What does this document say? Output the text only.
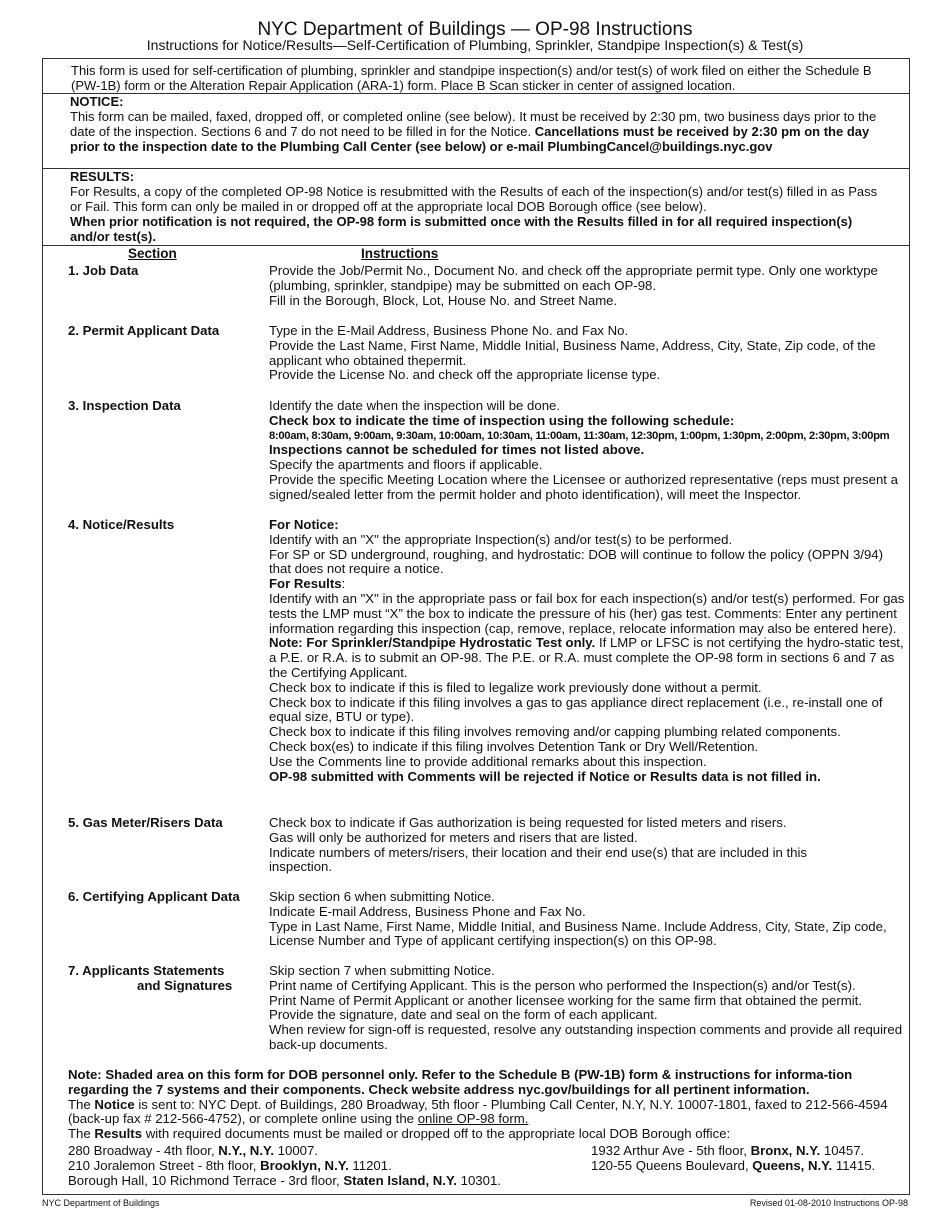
NYC Department of Buildings — OP-98 Instructions
Instructions for Notice/Results—Self-Certification of Plumbing, Sprinkler, Standpipe Inspection(s) & Test(s)
This form is used for self-certification of plumbing, sprinkler and standpipe inspection(s) and/or test(s) of work filed on either the Schedule B (PW-1B) form or the Alteration Repair Application (ARA-1) form. Place B Scan sticker in center of assigned location.

NOTICE:

This form can be mailed, faxed, dropped off, or completed online (see below). It must be received by 2:30 pm, two business days prior to the date of the inspection. Sections 6 and 7 do not need to be filled in for the Notice. Cancellations must be received by 2:30 pm on the day prior to the inspection date to the Plumbing Call Center (see below) or e-mail PlumbingCancel@buildings.nyc.gov

RESULTS:

For Results, a copy of the completed OP-98 Notice is resubmitted with the Results of each of the inspection(s) and/or test(s) filled in as Pass or Fail. This form can only be mailed in or dropped off at the appropriate local DOB Borough office (see below).

When prior notification is not required, the OP-98 form is submitted once with the Results filled in for all required inspection(s) and/or test(s).

Section	Instructions
1. Job Data	Provide the Job/Permit No., Document No. and check off the appropriate permit type. Only one worktype (plumbing, sprinkler, standpipe) may be submitted on each OP-98.

Fill in the Borough, Block, Lot, House No. and Street Name.

2. Permit Applicant Data	Type in the E-Mail Address, Business Phone No. and Fax No.

Provide the Last Name, First Name, Middle Initial, Business Name, Address, City, State, Zip code, of the applicant who obtained thepermit.

Provide the License No. and check off the appropriate license type.

3. Inspection Data	Identify the date when the inspection will be done.

Check box to indicate the time of inspection using the following schedule:

8:00am, 8:30am, 9:00am, 9:30am, 10:00am, 10:30am, 11:00am, 11:30am, 12:30pm, 1:00pm, 1:30pm, 2:00pm, 2:30pm, 3:00pm

Inspections cannot be scheduled for times not listed above.

Specify the apartments and floors if applicable.

Provide the specific Meeting Location where the Licensee or authorized representative (reps must present a signed/sealed letter from the permit holder and photo identification), will meet the Inspector.

4. Notice/Results	For Notice:

Identify with an "X" the appropriate Inspection(s) and/or test(s) to be performed.

For SP or SD underground, roughing, and hydrostatic: DOB will continue to follow the policy (OPPN 3/94) that does not require a notice.

For Results:

Identify with an "X" in the appropriate pass or fail box for each inspection(s) and/or test(s) performed. For gas tests the LMP must “X” the box to indicate the pressure of his (her) gas test. Comments: Enter any pertinent information regarding this inspection (cap, remove, replace, relocate information may also be entered here).

Note: For Sprinkler/Standpipe Hydrostatic Test only. If LMP or LFSC is not certifying the hydro-static test, a P.E. or R.A. is to submit an OP-98. The P.E. or R.A. must complete the OP-98 form in sections 6 and 7 as the Certifying Applicant.

Check box to indicate if this is filed to legalize work previously done without a permit.

Check box to indicate if this filing involves a gas to gas appliance direct replacement (i.e., re-install one of equal size, BTU or type).

Check box to indicate if this filing involves removing and/or capping plumbing related components.

Check box(es) to indicate if this filing involves Detention Tank or Dry Well/Retention.

Use the Comments line to provide additional remarks about this inspection.

OP-98 submitted with Comments will be rejected if Notice or Results data is not filled in.

5. Gas Meter/Risers Data	Check box to indicate if Gas authorization is being requested for listed meters and risers.

Gas will only be authorized for meters and risers that are listed.

Indicate numbers of meters/risers, their location and their end use(s) that are included in this inspection.

6. Certifying Applicant Data	Skip section 6 when submitting Notice.

Indicate E-mail Address, Business Phone and Fax No.

Type in Last Name, First Name, Middle Initial, and Business Name. Include Address, City, State, Zip code, License Number and Type of applicant certifying inspection(s) on this OP-98.

7. Applicants Statements
and Signatures

Skip section 7 when submitting Notice.

Print name of Certifying Applicant. This is the person who performed the Inspection(s) and/or Test(s).

Print Name of Permit Applicant or another licensee working for the same firm that obtained the permit.

Provide the signature, date and seal on the form of each applicant.

When review for sign-off is requested, resolve any outstanding inspection comments and provide all required back-up documents.

Note: Shaded area on this form for DOB personnel only. Refer to the Schedule B (PW-1B) form & instructions for informa-tion regarding the 7 systems and their components. Check website address nyc.gov/buildings for all pertinent information.

The Notice is sent to: NYC Dept. of Buildings, 280 Broadway, 5th floor - Plumbing Call Center, N.Y, N.Y. 10007-1801, faxed to 212-566-4594 (back-up fax # 212-566-4752), or complete online using the online OP-98 form.

The Results with required documents must be mailed or dropped off to the appropriate local DOB Borough office:

280 Broadway - 4th floor, N.Y., N.Y. 10007.	1932 Arthur Ave - 5th floor, Bronx, N.Y. 10457.
210 Joralemon Street - 8th floor, Brooklyn, N.Y. 11201.	120-55 Queens Boulevard, Queens, N.Y. 11415.
Borough Hall, 10 Richmond Terrace - 3rd floor, Staten Island, N.Y. 10301.
NYC Department of Buildings	Revised 01-08-2010 Instructions OP-98
